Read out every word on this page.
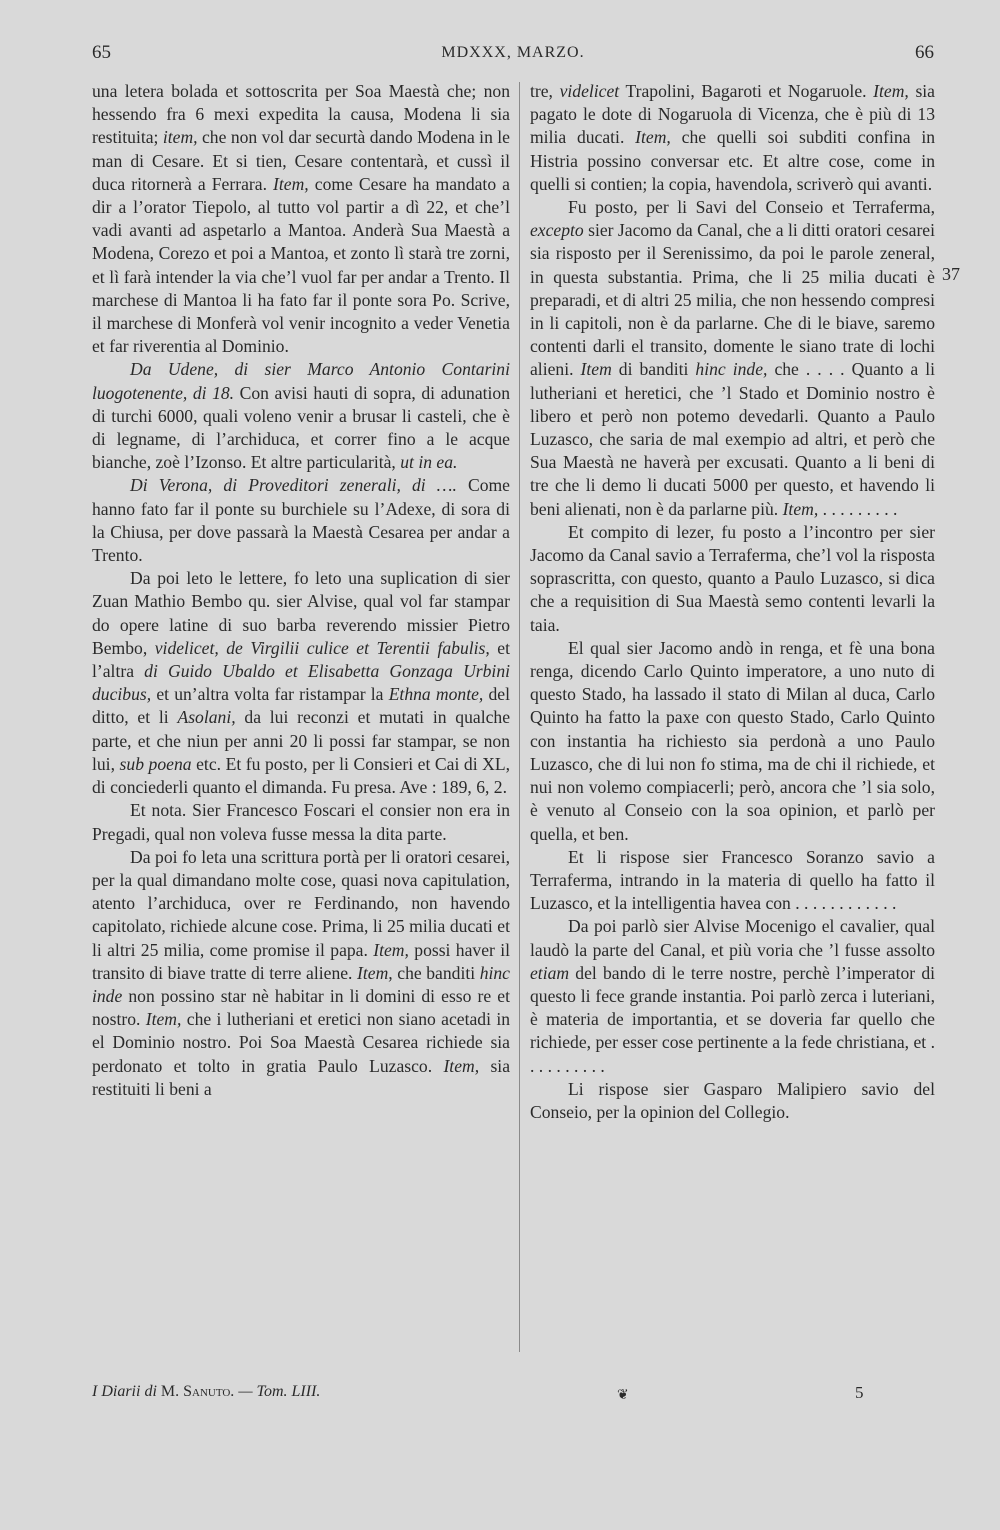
65	MDXXX, MARZO.	66

una letera bolada et sottoscrita per Soa Maestà che; non hessendo fra 6 mexi expedita la causa, Modena li sia restituita; item, che non vol dar securtà dando Modena in le man di Cesare. Et si tien, Cesare contentarà, et cussì il duca ritornerà a Ferrara. Item, come Cesare ha mandato a dir a l’orator Tiepolo, al tutto vol partir a dì 22, et che’l vadi avanti ad aspetarlo a Mantoa. Anderà Sua Maestà a Modena, Corezo et poi a Mantoa, et zonto lì starà tre zorni, et lì farà intender la via che’l vuol far per andar a Trento. Il marchese di Mantoa li ha fato far il ponte sora Po. Scrive, il marchese di Monferà vol venir incognito a veder Venetia et far riverentia al Dominio.

Da Udene, di sier Marco Antonio Contarini luogotenente, di 18. Con avisi hauti di sopra, di adunation di turchi 6000, quali voleno venir a brusar li casteli, che è di legname, di l’archiduca, et correr fino a le acque bianche, zoè l’Izonso. Et altre particularità, ut in ea.

Di Verona, di Proveditori zenerali, di …. Come hanno fato far il ponte su burchiele su l’Adexe, di sora di la Chiusa, per dove passarà la Maestà Cesarea per andar a Trento.

Da poi leto le lettere, fo leto una suplication di sier Zuan Mathio Bembo qu. sier Alvise, qual vol far stampar do opere latine di suo barba reverendo missier Pietro Bembo, videlicet, de Virgilii culice et Terentii fabulis, et l’altra di Guido Ubaldo et Elisabetta Gonzaga Urbini ducibus, et un’altra volta far ristampar la Ethna monte, del ditto, et li Asolani, da lui reconzi et mutati in qualche parte, et che niun per anni 20 li possi far stampar, se non lui, sub poena etc. Et fu posto, per li Consieri et Cai di XL, di conciederli quanto el dimanda. Fu presa. Ave : 189, 6, 2.

Et nota. Sier Francesco Foscari el consier non era in Pregadi, qual non voleva fusse messa la dita parte.

Da poi fo leta una scrittura portà per li oratori cesarei, per la qual dimandano molte cose, quasi nova capitulation, atento l’archiduca, over re Ferdinando, non havendo capitolato, richiede alcune cose. Prima, li 25 milia ducati et li altri 25 milia, come promise il papa. Item, possi haver il transito di biave tratte di terre aliene. Item, che banditi hinc inde non possino star nè habitar in li domini di esso re et nostro. Item, che i lutheriani et eretici non siano acetadi in el Dominio nostro. Poi Soa Maestà Cesarea richiede sia perdonato et tolto in gratia Paulo Luzasco. Item, sia restituiti li beni a

tre, videlicet Trapolini, Bagaroti et Nogaruole. Item, sia pagato le dote di Nogaruola di Vicenza, che è più di 13 milia ducati. Item, che quelli soi subditi confina in Histria possino conversar etc. Et altre cose, come in quelli si contien; la copia, havendola, scriverò qui avanti.

Fu posto, per li Savi del Conseio et Terraferma, excepto sier Jacomo da Canal, che a li ditti oratori cesarei sia risposto per il Serenissimo, da poi le parole zeneral, in questa substantia. Prima, che li 25 milia ducati è preparadi, et di altri 25 milia, che non hessendo compresi in li capitoli, non è da parlarne. Che di le biave, saremo contenti darli el transito, domente le siano trate di lochi alieni. Item di banditi hinc inde, che . . . . Quanto a li lutheriani et heretici, che ’l Stado et Dominio nostro è libero et però non potemo devedarli. Quanto a Paulo Luzasco, che saria de mal exempio ad altri, et però che Sua Maestà ne haverà per excusati. Quanto a li beni di tre che li demo li ducati 5000 per questo, et havendo li beni alienati, non è da parlarne più. Item, . . . . . . . . .

Et compito di lezer, fu posto a l’incontro per sier Jacomo da Canal savio a Terraferma, che’l vol la risposta soprascritta, con questo, quanto a Paulo Luzasco, si dica che a requisition di Sua Maestà semo contenti levarli la taia.

El qual sier Jacomo andò in renga, et fè una bona renga, dicendo Carlo Quinto imperatore, a uno nuto di questo Stado, ha lassado il stato di Milan al duca, Carlo Quinto ha fatto la paxe con questo Stado, Carlo Quinto con instantia ha richiesto sia perdonà a uno Paulo Luzasco, che di lui non fo stima, ma de chi il richiede, et nui non volemo compiacerli; però, ancora che ’l sia solo, è venuto al Conseio con la soa opinion, et parlò per quella, et ben.

Et li rispose sier Francesco Soranzo savio a Terraferma, intrando in la materia di quello ha fatto il Luzasco, et la intelligentia havea con . . . . . . . . . . . .

Da poi parlò sier Alvise Mocenigo el cavalier, qual laudò la parte del Canal, et più voria che ’l fusse assolto etiam del bando di le terre nostre, perchè l’imperator di questo li fece grande instantia. Poi parlò zerca i luteriani, è materia de importantia, et se doveria far quello che richiede, per esser cose pertinente a la fede christiana, et . . . . . . . . . .

Li rispose sier Gasparo Malipiero savio del Conseio, per la opinion del Collegio.

37
I Diarii di M. Sanuto. — Tom. LIII.	❦	5
